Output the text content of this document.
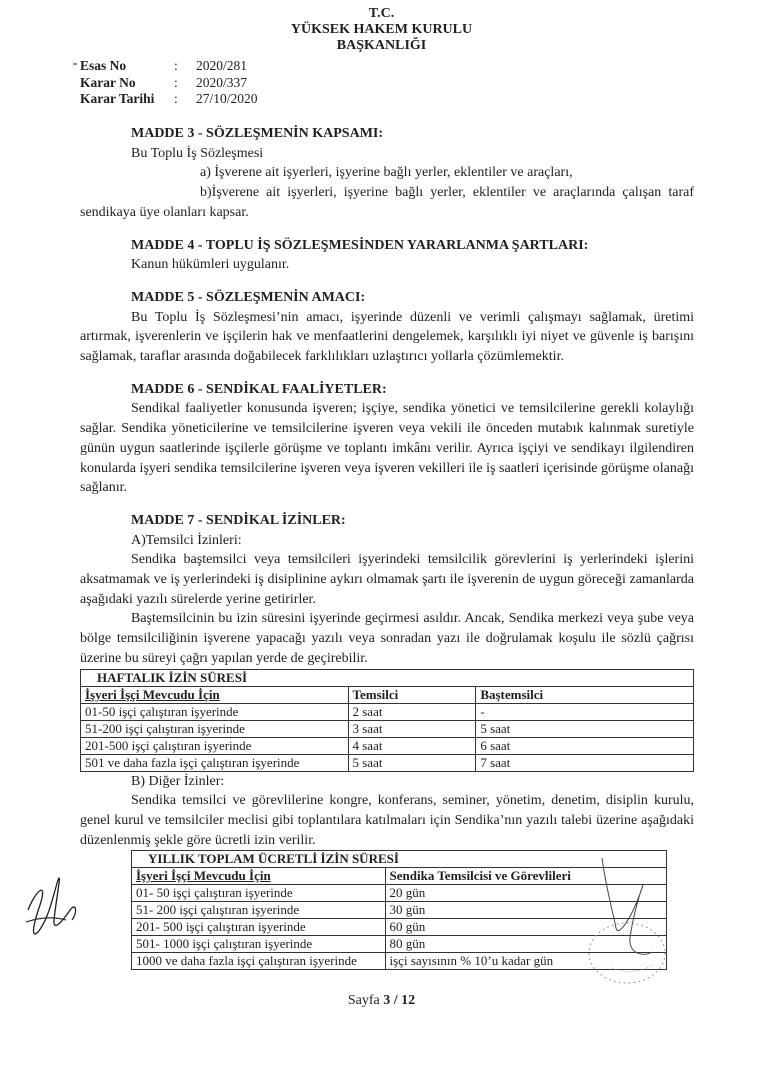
T.C.
YÜKSEK HAKEM KURULU
BAŞKANLIĞI
Esas No	:	2020/281
Karar No	:	2020/337
Karar Tarihi	:	27/10/2020
MADDE 3 - SÖZLEŞMENİN KAPSAMI:

Bu Toplu İş Sözleşmesi

a) İşverene ait işyerleri, işyerine bağlı yerler, eklentiler ve araçları,

b)İşverene ait işyerleri, işyerine bağlı yerler, eklentiler ve araçlarında çalışan taraf sendikaya üye olanları kapsar.

MADDE 4 - TOPLU İŞ SÖZLEŞMESİNDEN YARARLANMA ŞARTLARI:

Kanun hükümleri uygulanır.

MADDE 5 - SÖZLEŞMENİN AMACI:

Bu Toplu İş Sözleşmesi’nin amacı, işyerinde düzenli ve verimli çalışmayı sağlamak, üretimi artırmak, işverenlerin ve işçilerin hak ve menfaatlerini dengelemek, karşılıklı iyi niyet ve güvenle iş barışını sağlamak, taraflar arasında doğabilecek farklılıkları uzlaştırıcı yollarla çözümlemektir.

MADDE 6 - SENDİKAL FAALİYETLER:

Sendikal faaliyetler konusunda işveren; işçiye, sendika yönetici ve temsilcilerine gerekli kolaylığı sağlar. Sendika yöneticilerine ve temsilcilerine işveren veya vekili ile önceden mutabık kalınmak suretiyle günün uygun saatlerinde işçilerle görüşme ve toplantı imkânı verilir. Ayrıca işçiyi ve sendikayı ilgilendiren konularda işyeri sendika temsilcilerine işveren veya işveren vekilleri ile iş saatleri içerisinde görüşme olanağı sağlanır.

MADDE 7 - SENDİKAL İZİNLER:

A)Temsilci İzinleri:

Sendika baştemsilci veya temsilcileri işyerindeki temsilcilik görevlerini iş yerlerindeki işlerini aksatmamak ve iş yerlerindeki iş disiplinine aykırı olmamak şartı ile işverenin de uygun göreceği zamanlarda aşağıdaki yazılı sürelerde yerine getirirler.

Baştemsilcinin bu izin süresini işyerinde geçirmesi asıldır. Ancak, Sendika merkezi veya şube veya bölge temsilciliğinin işverene yapacağı yazılı veya sonradan yazı ile doğrulamak koşulu ile sözlü çağrısı üzerine bu süreyi çağrı yapılan yerde de geçirebilir.

HAFTALIK İZİN SÜRESİ		
İşyeri İşçi Mevcudu İçin	Temsilci	Baştemsilci
01-50 işçi çalıştıran işyerinde	2 saat	-
51-200 işçi çalıştıran işyerinde	3 saat	5 saat
201-500 işçi çalıştıran işyerinde	4 saat	6 saat
501 ve daha fazla işçi çalıştıran işyerinde	5 saat	7 saat

B) Diğer İzinler:

Sendika temsilci ve görevlilerine kongre, konferans, seminer, yönetim, denetim, disiplin kurulu, genel kurul ve temsilciler meclisi gibi toplantılara katılmaları için Sendika’nın yazılı talebi üzerine aşağıdaki düzenlenmiş şekle göre ücretli izin verilir.

YILLIK TOPLAM ÜCRETLİ İZİN SÜRESİ	
İşyeri İşçi Mevcudu İçin	Sendika Temsilcisi ve Görevlileri
01- 50 işçi çalıştıran işyerinde	20 gün
51- 200 işçi çalıştıran işyerinde	30 gün
201- 500 işçi çalıştıran işyerinde	60 gün
501- 1000 işçi çalıştıran işyerinde	80 gün
1000 ve daha fazla işçi çalıştıran işyerinde	işçi sayısının % 10’u kadar gün
Sayfa 3 / 12
